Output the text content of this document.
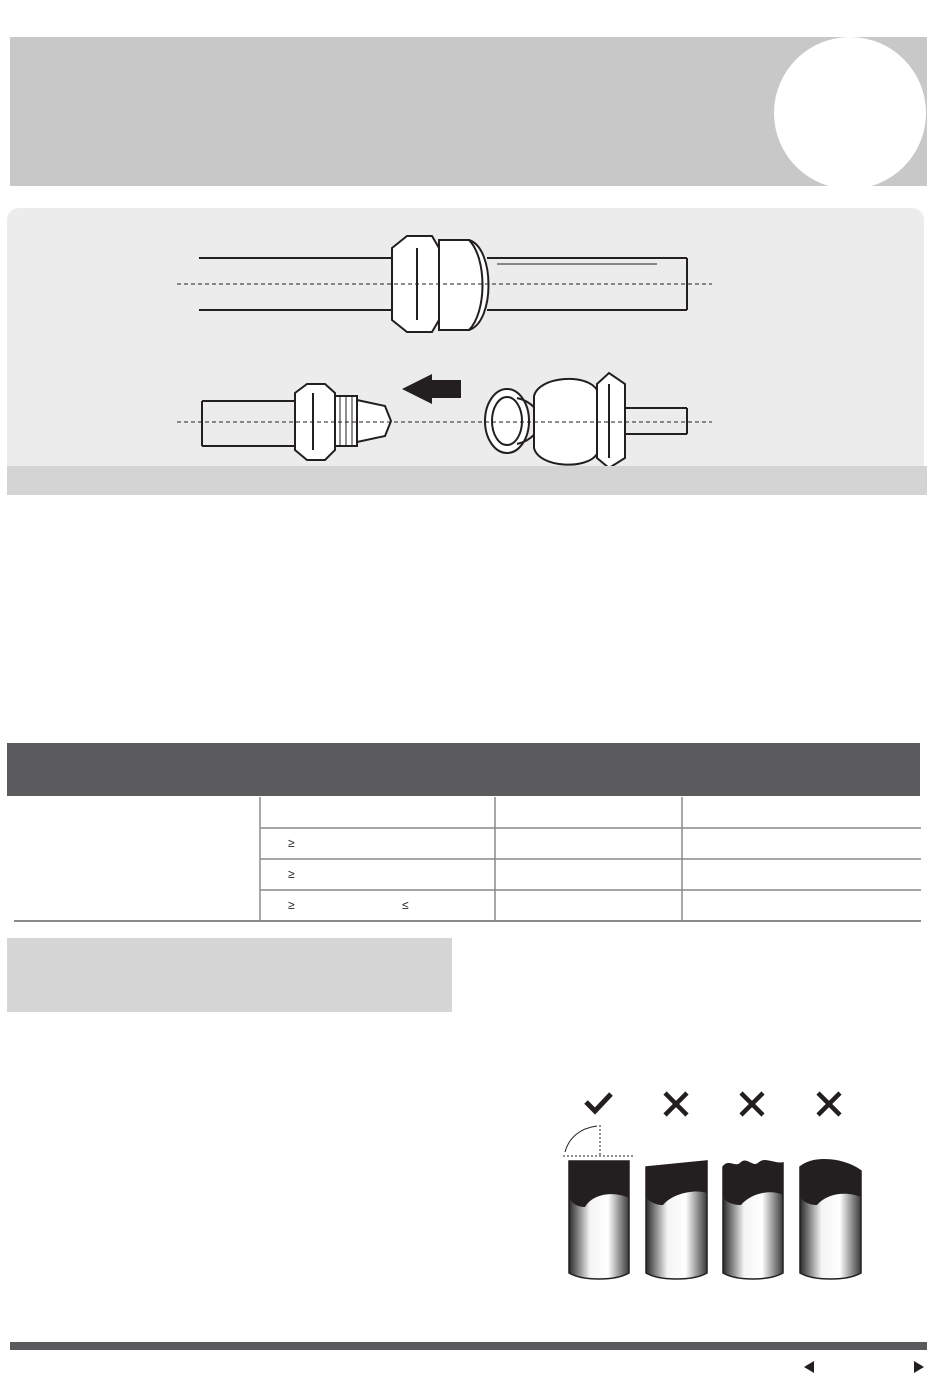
≥
≥
≥	≤
